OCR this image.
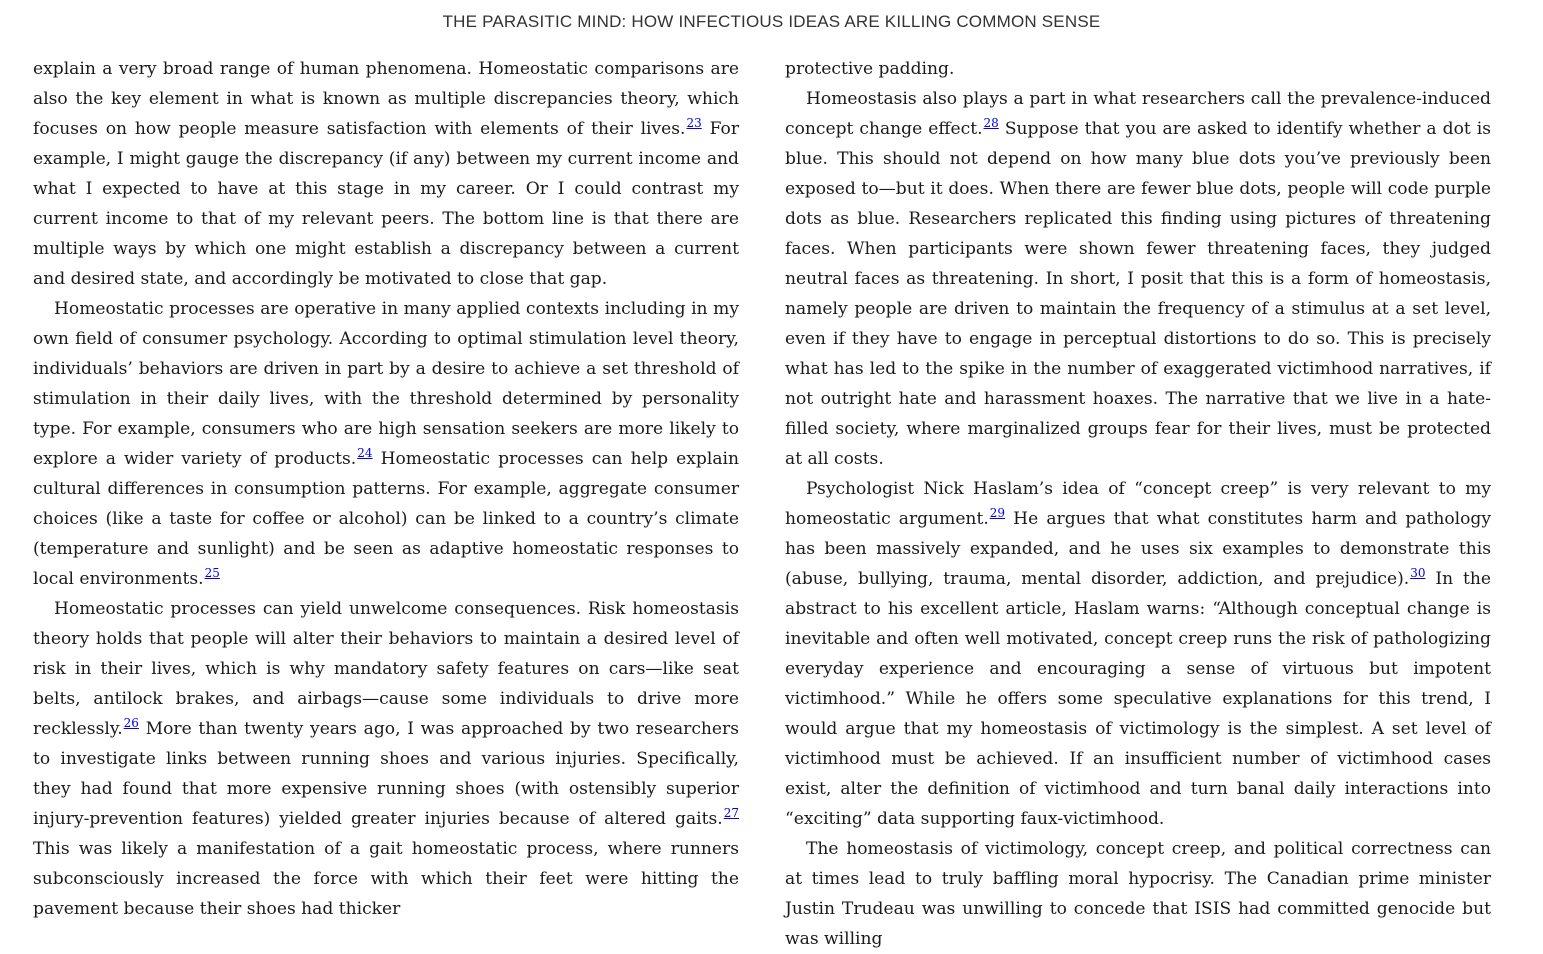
THE PARASITIC MIND: HOW INFECTIOUS IDEAS ARE KILLING COMMON SENSE

explain a very broad range of human phenomena. Homeostatic comparisons are also the key element in what is known as multiple discrepancies theory, which focuses on how people measure satisfaction with elements of their lives.$^{23}$ For example, I might gauge the discrepancy (if any) between my current income and what I expected to have at this stage in my career. Or I could contrast my current income to that of my relevant peers. The bottom line is that there are multiple ways by which one might establish a discrepancy between a current and desired state, and accordingly be motivated to close that gap.

Homeostatic processes are operative in many applied contexts including in my own field of consumer psychology. According to optimal stimulation level theory, individuals’ behaviors are driven in part by a desire to achieve a set threshold of stimulation in their daily lives, with the threshold determined by personality type. For example, consumers who are high sensation seekers are more likely to explore a wider variety of products.$^{24}$ Homeostatic processes can help explain cultural differences in consumption patterns. For example, aggregate consumer choices (like a taste for coffee or alcohol) can be linked to a country’s climate (temperature and sunlight) and be seen as adaptive homeostatic responses to local environments.$^{25}$

Homeostatic processes can yield unwelcome consequences. Risk homeostasis theory holds that people will alter their behaviors to maintain a desired level of risk in their lives, which is why mandatory safety features on cars—like seat belts, antilock brakes, and airbags—cause some individuals to drive more recklessly.$^{26}$ More than twenty years ago, I was approached by two researchers to investigate links between running shoes and various injuries. Specifically, they had found that more expensive running shoes (with ostensibly superior injury-prevention features) yielded greater injuries because of altered gaits.$^{27}$ This was likely a manifestation of a gait homeostatic process, where runners subconsciously increased the force with which their feet were hitting the pavement because their shoes had thicker

protective padding.

Homeostasis also plays a part in what researchers call the prevalence-induced concept change effect.$^{28}$ Suppose that you are asked to identify whether a dot is blue. This should not depend on how many blue dots you’ve previously been exposed to—but it does. When there are fewer blue dots, people will code purple dots as blue. Researchers replicated this finding using pictures of threatening faces. When participants were shown fewer threatening faces, they judged neutral faces as threatening. In short, I posit that this is a form of homeostasis, namely people are driven to maintain the frequency of a stimulus at a set level, even if they have to engage in perceptual distortions to do so. This is precisely what has led to the spike in the number of exaggerated victimhood narratives, if not outright hate and harassment hoaxes. The narrative that we live in a hate-filled society, where marginalized groups fear for their lives, must be protected at all costs.

Psychologist Nick Haslam’s idea of “concept creep” is very relevant to my homeostatic argument.$^{29}$ He argues that what constitutes harm and pathology has been massively expanded, and he uses six examples to demonstrate this (abuse, bullying, trauma, mental disorder, addiction, and prejudice).$^{30}$ In the abstract to his excellent article, Haslam warns: “Although conceptual change is inevitable and often well motivated, concept creep runs the risk of pathologizing everyday experience and encouraging a sense of virtuous but impotent victimhood.” While he offers some speculative explanations for this trend, I would argue that my homeostasis of victimology is the simplest. A set level of victimhood must be achieved. If an insufficient number of victimhood cases exist, alter the definition of victimhood and turn banal daily interactions into “exciting” data supporting faux-victimhood.

The homeostasis of victimology, concept creep, and political correctness can at times lead to truly baffling moral hypocrisy. The Canadian prime minister Justin Trudeau was unwilling to concede that ISIS had committed genocide but was willing
